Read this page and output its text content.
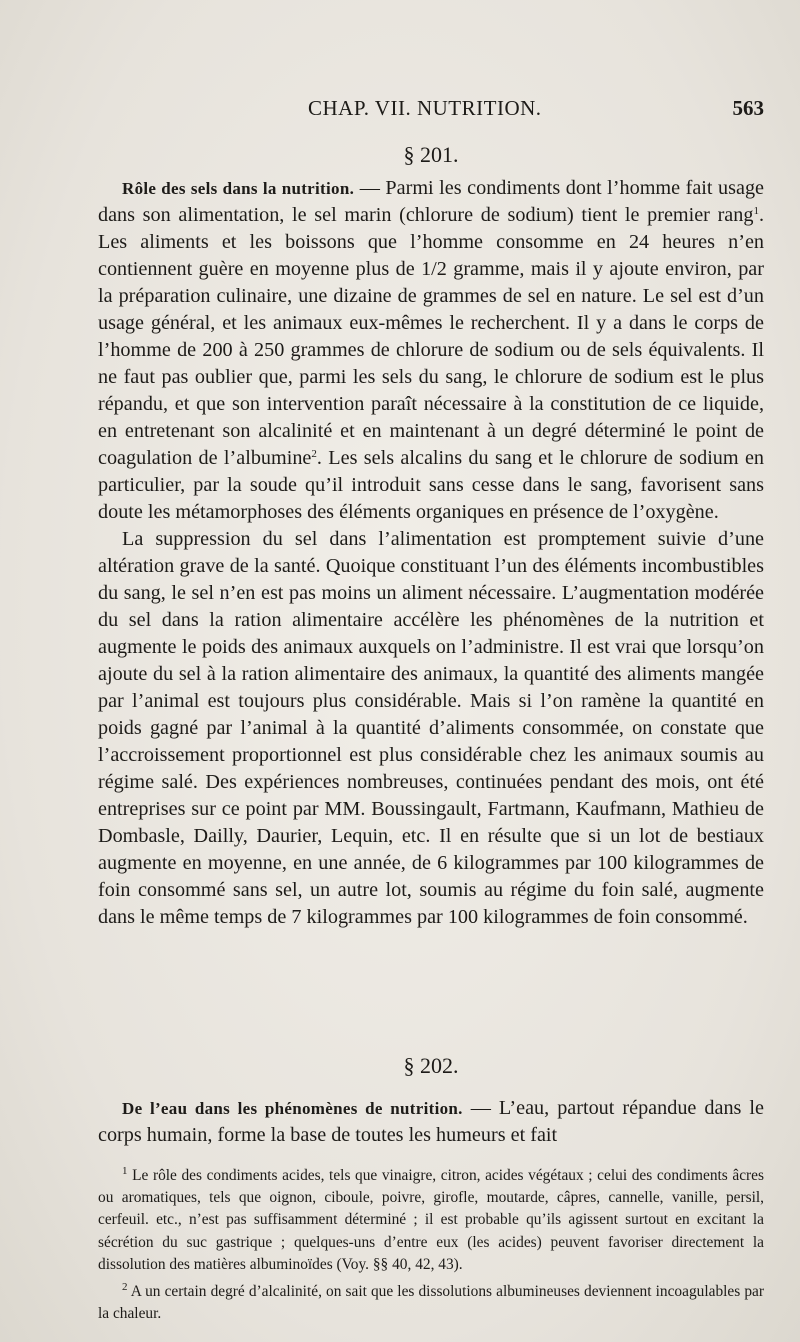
CHAP. VII. NUTRITION.	563
§ 201.

Rôle des sels dans la nutrition. — Parmi les condiments dont l’homme fait usage dans son alimentation, le sel marin (chlorure de sodium) tient le premier rang$^1$. Les aliments et les boissons que l’homme consomme en 24 heures n’en contiennent guère en moyenne plus de 1/2 gramme, mais il y ajoute environ, par la préparation culinaire, une dizaine de grammes de sel en nature. Le sel est d’un usage général, et les animaux eux-mêmes le recherchent. Il y a dans le corps de l’homme de 200 à 250 grammes de chlorure de sodium ou de sels équivalents. Il ne faut pas oublier que, parmi les sels du sang, le chlorure de sodium est le plus répandu, et que son intervention paraît nécessaire à la constitution de ce liquide, en entretenant son alcalinité et en maintenant à un degré déterminé le point de coagulation de l’albumine$^2$. Les sels alcalins du sang et le chlorure de sodium en particulier, par la soude qu’il introduit sans cesse dans le sang, favorisent sans doute les métamorphoses des éléments organiques en présence de l’oxygène.

La suppression du sel dans l’alimentation est promptement suivie d’une altération grave de la santé. Quoique constituant l’un des éléments incombustibles du sang, le sel n’en est pas moins un aliment nécessaire. L’augmentation modérée du sel dans la ration alimentaire accélère les phénomènes de la nutrition et augmente le poids des animaux auxquels on l’administre. Il est vrai que lorsqu’on ajoute du sel à la ration alimentaire des animaux, la quantité des aliments mangée par l’animal est toujours plus considérable. Mais si l’on ramène la quantité en poids gagné par l’animal à la quantité d’aliments consommée, on constate que l’accroissement proportionnel est plus considérable chez les animaux soumis au régime salé. Des expériences nombreuses, continuées pendant des mois, ont été entreprises sur ce point par MM. Boussingault, Fartmann, Kaufmann, Mathieu de Dombasle, Dailly, Daurier, Lequin, etc. Il en résulte que si un lot de bestiaux augmente en moyenne, en une année, de 6 kilogrammes par 100 kilogrammes de foin consommé sans sel, un autre lot, soumis au régime du foin salé, augmente dans le même temps de 7 kilogrammes par 100 kilogrammes de foin consommé.

§ 202.

De l’eau dans les phénomènes de nutrition. — L’eau, partout répandue dans le corps humain, forme la base de toutes les humeurs et fait

$^1$ Le rôle des condiments acides, tels que vinaigre, citron, acides végétaux ; celui des condiments âcres ou aromatiques, tels que oignon, ciboule, poivre, girofle, moutarde, câpres, cannelle, vanille, persil, cerfeuil. etc., n’est pas suffisamment déterminé ; il est probable qu’ils agissent surtout en excitant la sécrétion du suc gastrique ; quelques-uns d’entre eux (les acides) peuvent favoriser directement la dissolution des matières albuminoïdes (Voy. §§ 40, 42, 43).

$^2$ A un certain degré d’alcalinité, on sait que les dissolutions albumineuses deviennent incoagulables par la chaleur.
